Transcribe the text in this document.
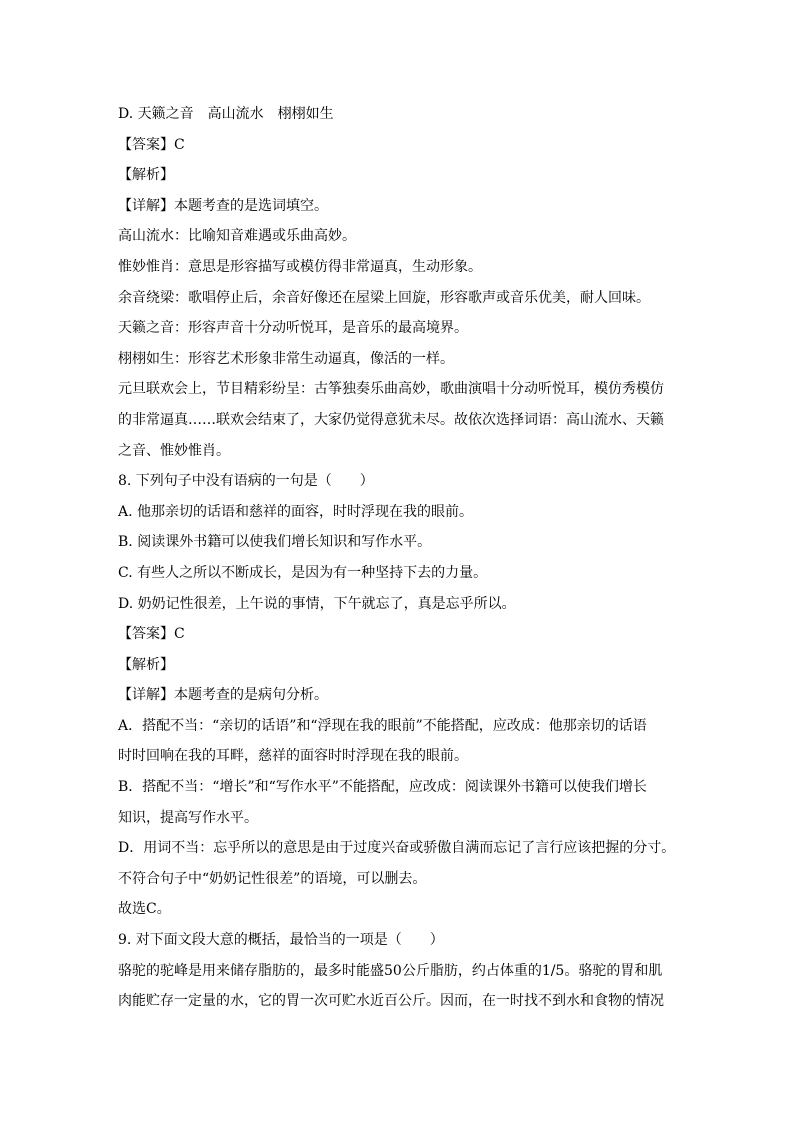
D. 天籁之音　高山流水　栩栩如生
【答案】C
【解析】
【详解】本题考查的是选词填空。
高山流水：比喻知音难遇或乐曲高妙。
惟妙惟肖：意思是形容描写或模仿得非常逼真，生动形象。
余音绕梁：歌唱停止后，余音好像还在屋梁上回旋，形容歌声或音乐优美，耐人回味。
天籁之音：形容声音十分动听悦耳，是音乐的最高境界。
栩栩如生：形容艺术形象非常生动逼真，像活的一样。
元旦联欢会上，节目精彩纷呈：古筝独奏乐曲高妙，歌曲演唱十分动听悦耳，模仿秀模仿
的非常逼真……联欢会结束了，大家仍觉得意犹未尽。故依次选择词语：高山流水、天籁
之音、惟妙惟肖。
8. 下列句子中没有语病的一句是（　　）
A. 他那亲切的话语和慈祥的面容，时时浮现在我的眼前。
B. 阅读课外书籍可以使我们增长知识和写作水平。
C. 有些人之所以不断成长，是因为有一种坚持下去的力量。
D. 奶奶记性很差，上午说的事情，下午就忘了，真是忘乎所以。
【答案】C
【解析】
【详解】本题考查的是病句分析。
A．搭配不当：“亲切的话语”和“浮现在我的眼前”不能搭配，应改成：他那亲切的话语
时时回响在我的耳畔，慈祥的面容时时浮现在我的眼前。
B．搭配不当：“增长”和“写作水平”不能搭配，应改成：阅读课外书籍可以使我们增长
知识，提高写作水平。
D．用词不当：忘乎所以的意思是由于过度兴奋或骄傲自满而忘记了言行应该把握的分寸。
不符合句子中“奶奶记性很差”的语境，可以删去。
故选C。
9. 对下面文段大意的概括，最恰当的一项是（　　）
骆驼的驼峰是用来储存脂肪的，最多时能盛50公斤脂肪，约占体重的1/5。骆驼的胃和肌
肉能贮存一定量的水，它的胃一次可贮水近百公斤。因而，在一时找不到水和食物的情况
